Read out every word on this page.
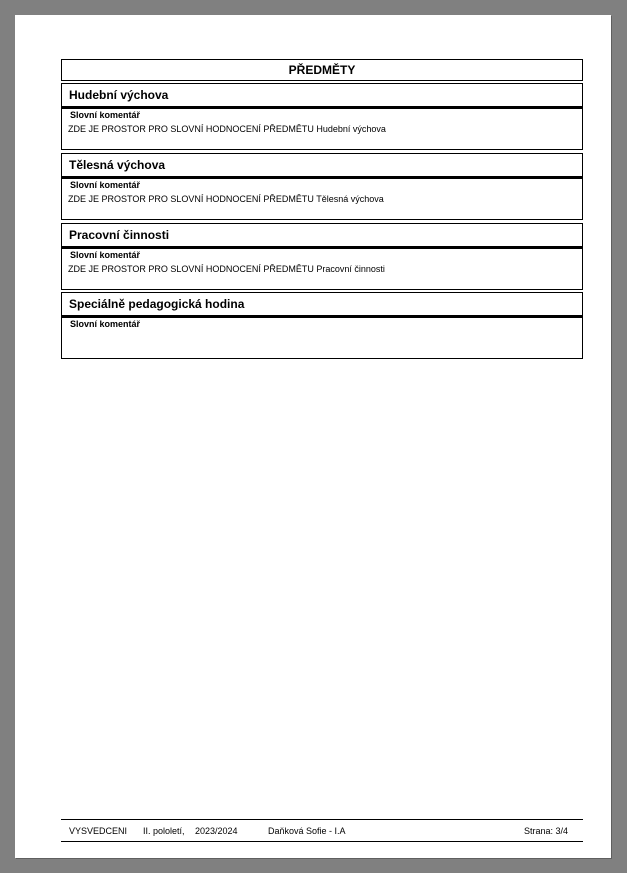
PŘEDMĚTY
Hudební výchova
Slovní komentář
ZDE JE PROSTOR PRO SLOVNÍ HODNOCENÍ PŘEDMĚTU Hudební výchova
Tělesná výchova
Slovní komentář
ZDE JE PROSTOR PRO SLOVNÍ HODNOCENÍ PŘEDMĚTU Tělesná výchova
Pracovní činnosti
Slovní komentář
ZDE JE PROSTOR PRO SLOVNÍ HODNOCENÍ PŘEDMĚTU Pracovní činnosti
Speciálně pedagogická hodina
Slovní komentář
VYSVEDCENI II. pololetí, 2023/2024	Daňková Sofie - I.A	Strana: 3/4
